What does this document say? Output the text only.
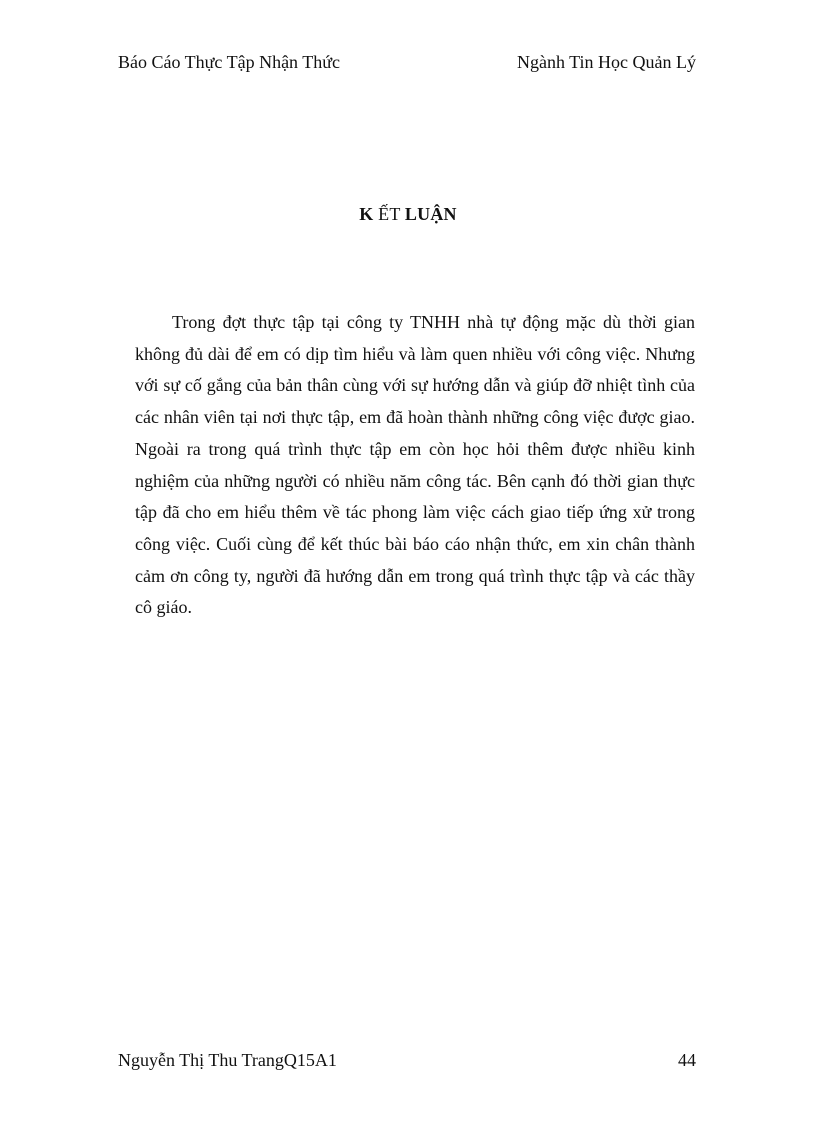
Báo Cáo Thực Tập Nhận Thức	Ngành Tin Học Quản Lý
K ẾT LUẬN

Trong đợt thực tập tại công ty TNHH nhà tự động mặc dù thời gian không đủ dài để em có dịp tìm hiểu và làm quen nhiều với công việc. Nhưng với sự cố gắng của bản thân cùng với sự hướng dẫn và giúp đỡ nhiệt tình của các nhân viên tại nơi thực tập, em đã hoàn thành những công việc được giao. Ngoài ra trong quá trình thực tập em còn học hỏi thêm được nhiều kinh nghiệm của những người có nhiều năm công tác. Bên cạnh đó thời gian thực tập đã cho em hiểu thêm về tác phong làm việc cách giao tiếp ứng xử trong công việc. Cuối cùng để kết thúc bài báo cáo nhận thức, em xin chân thành cảm ơn công ty, người đã hướng dẫn em trong quá trình thực tập và các thầy cô giáo.

Nguyễn Thị Thu TrangQ15A1	44
